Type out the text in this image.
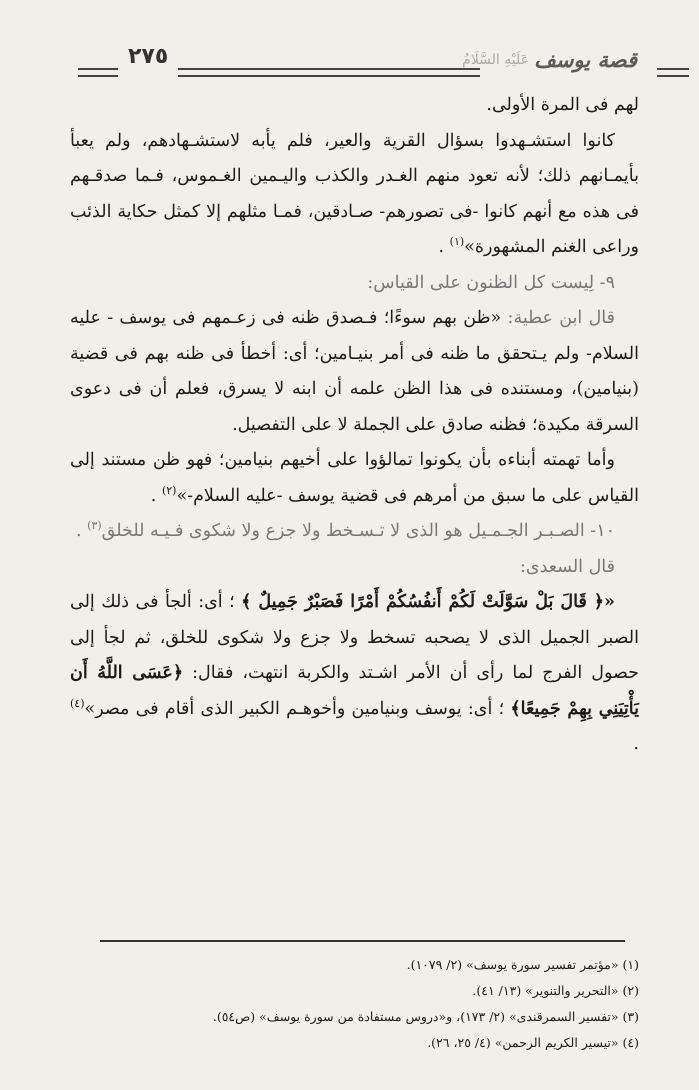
قصة يوسف
عَلَيْهِ السَّلَامُ
٢٧٥

لهم فى المرة الأولى.

كانوا استشـهدوا بسؤال القرية والعير، فلم يأبه لاستشـهادهم، ولم يعبأ بأيمـانهم ذلك؛ لأنه تعود منهم الغـدر والكذب واليـمين الغـموس، فـما صدقـهم فى هذه مع أنهم كانوا -فى تصورهم- صـادقين، فمـا مثلهم إلا كمثل حكاية الذئب وراعى الغنم المشهورة»$^{(١)}$ .

٩- لِيست كل الظنون على القياس:

قال ابن عطية: «ظن بهم سوءًا؛ فـصدق ظنه فى زعـمهم فى يوسف - عليه السلام- ولم يـتحقق ما ظنه فى أمر بنيـامين؛ أى: أخطأ فى ظنه بهم فى قضية (بنيامين)، ومستنده فى هذا الظن علمه أن ابنه لا يسرق، فعلم أن فى دعوى السرقة مكيدة؛ فظنه صادق على الجملة لا على التفصيل.

وأما تهمته أبناءه بأن يكونوا تمالؤوا على أخيهم بنيامين؛ فهو ظن مستند إلى القياس على ما سبق من أمرهم فى قضية يوسف -عليه السلام-»$^{(٢)}$ .

١٠- الصـبـر الجـمـيل هو الذى لا تـسـخط ولا جزع ولا شكوى فـيـه للخلق$^{(٣)}$ .

قال السعدى:

«﴿ قَالَ بَلْ سَوَّلَتْ لَكُمْ أَنفُسُكُمْ أَمْرًا فَصَبْرٌ جَمِيلٌ ﴾ ؛ أى: ألجأ فى ذلك إلى الصبر الجميل الذى لا يصحبه تسخط ولا جزع ولا شكوى للخلق، ثم لجأ إلى حصول الفرج لما رأى أن الأمر اشـتد والكربة انتهت، فقال: ﴿عَسَى اللَّهُ أَن يَأْتِيَنِي بِهِمْ جَمِيعًا﴾ ؛ أى: يوسف وبنيامين وأخوهـم الكبير الذى أقام فى مصر»$^{(٤)}$ .

(١) «مؤتمر تفسير سورة يوسف» (٢/ ١٠٧٩).
(٢) «التحرير والتنوير» (١٣/ ٤١).
(٣) «تفسير السمرقندى» (٢/ ١٧٣)، و«دروس مستفادة من سورة يوسف» (ص٥٤).
(٤) «تيسير الكريم الرحمن» (٤/ ٢٥، ٢٦).
